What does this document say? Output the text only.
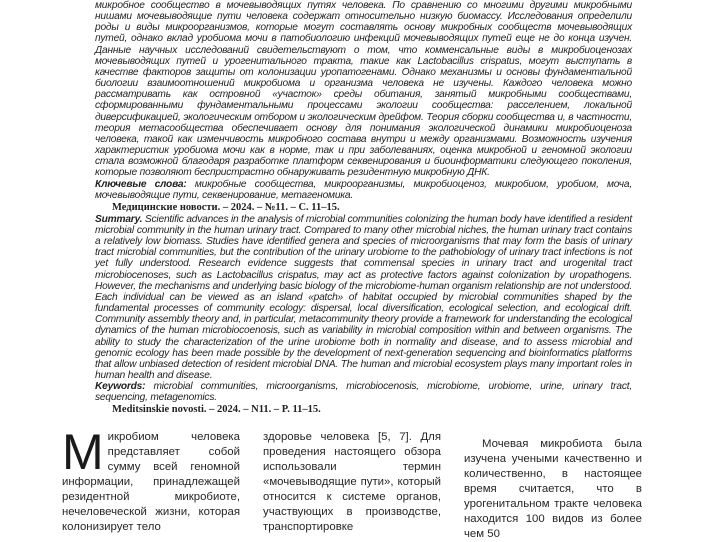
микробное сообщество в мочевыводящих путях человека. По сравнению со многими другими микробными нишами мочевыводящие пути человека содержат относительно низкую биомассу. Исследования определили роды и виды микроорганизмов, которые могут составлять основу микробных сообществ мочевыводящих путей, однако вклад уробиома мочи в патобиологию инфекций мочевыводящих путей еще не до конца изучен. Данные научных исследований свидетельствуют о том, что комменсальные виды в микробиоценозах мочевыводящих путей и урогенитального тракта, такие как Lactobacillus crispatus, могут выступать в качестве факторов защиты от колонизации уропатогенами. Однако механизмы и основы фундаментальной биологии взаимоотношений микробиома и организма человека не изучены. Каждого человека можно рассматривать как островной «участок» среды обитания, занятый микробными сообществами, сформированными фундаментальными процессами экологии сообщества: расселением, локальной диверсификацией, экологическим отбором и экологическим дрейфом. Теория сборки сообщества и, в частности, теория метасообщества обеспечивает основу для понимания экологической динамики микробиоценоза человека, такой как изменчивость микробного состава внутри и между организмами. Возможность изучения характеристик уробиома мочи как в норме, так и при заболеваниях, оценка микробной и геномной экологии стала возможной благодаря разработке платформ секвенирования и биоинформатики следующего поколения, которые позволяют беспристрастно обнаруживать резидентную микробную ДНК.

Ключевые слова: микробные сообщества, микроорганизмы, микробиоценоз, микробиом, уробиом, моча, мочевыводящие пути, секвенирование, метагеномика.

Медицинские новости. – 2024. – №11. – С. 11–15.

Summary. Scientific advances in the analysis of microbial communities colonizing the human body have identified a resident microbial community in the human urinary tract. Compared to many other microbial niches, the human urinary tract contains a relatively low biomass. Studies have identified genera and species of microorganisms that may form the basis of urinary tract microbial communities, but the contribution of the urinary urobiome to the pathobiology of urinary tract infections is not yet fully understood. Research evidence suggests that commensal species in urinary tract and urogenital tract microbiocenoses, such as Lactobacillus crispatus, may act as protective factors against colonization by uropathogens. However, the mechanisms and underlying basic biology of the microbiome-human organism relationship are not understood. Each individual can be viewed as an island «patch» of habitat occupied by microbial communities shaped by the fundamental processes of community ecology: dispersal, local diversification, ecological selection, and ecological drift. Community assembly theory and, in particular, metacommunity theory provide a framework for understanding the ecological dynamics of the human microbiocoenosis, such as variability in microbial composition within and between organisms. The ability to study the characterization of the urine urobiome both in normality and disease, and to assess microbial and genomic ecology has been made possible by the development of next-generation sequencing and bioinformatics platforms that allow unbiased detection of resident microbial DNA. The human and microbial ecosystem plays many important roles in human health and disease.

Keywords: microbial communities, microorganisms, microbiocenosis, microbiome, urobiome, urine, urinary tract, sequencing, metagenomics.

Meditsinskie novosti. – 2024. – N11. – P. 11–15.

Микробиом человека представляет собой сумму всей геномной информации, принадлежащей резидентной микробиоте, нечеловеческой жизни, которая колонизирует тело

здоровье человека [5, 7]. Для проведения настоящего обзора использовали термин «мочевыводящие пути», который относится к системе органов, участвующих в производстве, транспортировке

Мочевая микробиота была изучена учеными качественно и количественно, в настоящее время считается, что в урогенитальном тракте человека находится 100 видов из более чем 50
